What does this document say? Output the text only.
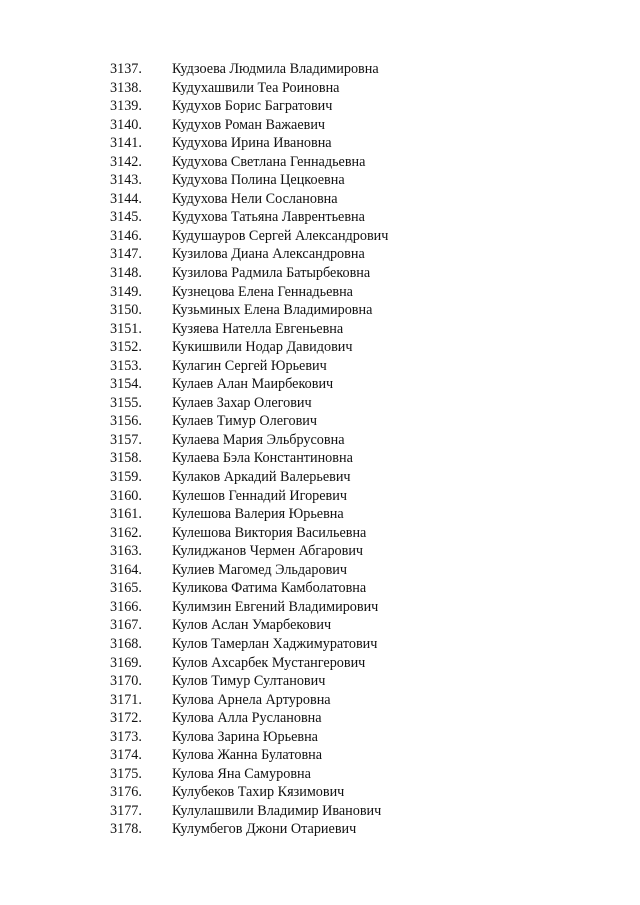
3137.	Кудзоева Людмила Владимировна
3138.	Кудухашвили Теа Роиновна
3139.	Кудухов Борис Багратович
3140.	Кудухов Роман Важаевич
3141.	Кудухова Ирина Ивановна
3142.	Кудухова Светлана Геннадьевна
3143.	Кудухова Полина Цецкоевна
3144.	Кудухова Нели Сослановна
3145.	Кудухова Татьяна Лаврентьевна
3146.	Кудушауров Сергей Александрович
3147.	Кузилова Диана Александровна
3148.	Кузилова Радмила Батырбековна
3149.	Кузнецова Елена Геннадьевна
3150.	Кузьминых Елена Владимировна
3151.	Кузяева Нателла Евгеньевна
3152.	Кукишвили Нодар Давидович
3153.	Кулагин Сергей Юрьевич
3154.	Кулаев Алан Маирбекович
3155.	Кулаев Захар Олегович
3156.	Кулаев Тимур Олегович
3157.	Кулаева Мария Эльбрусовна
3158.	Кулаева Бэла Константиновна
3159.	Кулаков Аркадий Валерьевич
3160.	Кулешов Геннадий Игоревич
3161.	Кулешова Валерия Юрьевна
3162.	Кулешова Виктория Васильевна
3163.	Кулиджанов Чермен Абгарович
3164.	Кулиев Магомед Эльдарович
3165.	Куликова Фатима Камболатовна
3166.	Кулимзин Евгений Владимирович
3167.	Кулов Аслан Умарбекович
3168.	Кулов Тамерлан Хаджимуратович
3169.	Кулов Ахсарбек Мустангерович
3170.	Кулов Тимур Султанович
3171.	Кулова Арнела Артуровна
3172.	Кулова Алла Руслановна
3173.	Кулова Зарина Юрьевна
3174.	Кулова Жанна Булатовна
3175.	Кулова Яна Самуровна
3176.	Кулубеков Тахир Кязимович
3177.	Кулулашвили Владимир Иванович
3178.	Кулумбегов Джони Отариевич
